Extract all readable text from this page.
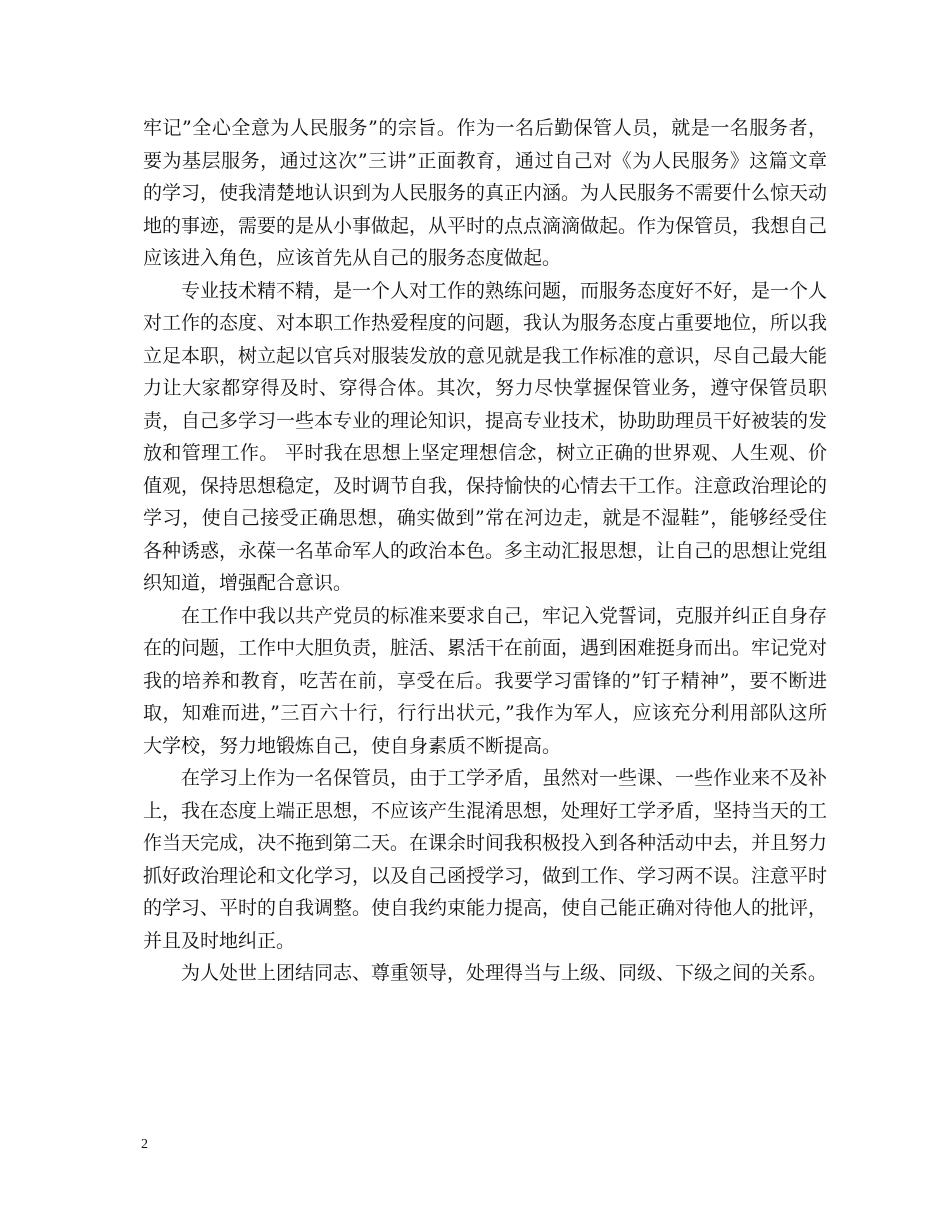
牢记”全心全意为人民服务”的宗旨。作为一名后勤保管人员，就是一名服务者，要为基层服务，通过这次”三讲”正面教育，通过自己对《为人民服务》这篇文章的学习，使我清楚地认识到为人民服务的真正内涵。为人民服务不需要什么惊天动地的事迹，需要的是从小事做起，从平时的点点滴滴做起。作为保管员，我想自己应该进入角色，应该首先从自己的服务态度做起。

专业技术精不精，是一个人对工作的熟练问题，而服务态度好不好，是一个人对工作的态度、对本职工作热爱程度的问题，我认为服务态度占重要地位，所以我立足本职，树立起以官兵对服装发放的意见就是我工作标准的意识，尽自己最大能力让大家都穿得及时、穿得合体。其次，努力尽快掌握保管业务，遵守保管员职责，自己多学习一些本专业的理论知识，提高专业技术，协助助理员干好被装的发放和管理工作。 平时我在思想上坚定理想信念，树立正确的世界观、人生观、价值观，保持思想稳定，及时调节自我，保持愉快的心情去干工作。注意政治理论的学习，使自己接受正确思想，确实做到”常在河边走，就是不湿鞋”，能够经受住各种诱惑，永葆一名革命军人的政治本色。多主动汇报思想，让自己的思想让党组织知道，增强配合意识。

在工作中我以共产党员的标准来要求自己，牢记入党誓词，克服并纠正自身存在的问题，工作中大胆负责，脏活、累活干在前面，遇到困难挺身而出。牢记党对我的培养和教育，吃苦在前，享受在后。我要学习雷锋的”钉子精神”，要不断进取，知难而进，”三百六十行，行行出状元，”我作为军人，应该充分利用部队这所大学校，努力地锻炼自己，使自身素质不断提高。

在学习上作为一名保管员，由于工学矛盾，虽然对一些课、一些作业来不及补上，我在态度上端正思想，不应该产生混淆思想，处理好工学矛盾，坚持当天的工作当天完成，决不拖到第二天。在课余时间我积极投入到各种活动中去，并且努力抓好政治理论和文化学习，以及自己函授学习，做到工作、学习两不误。注意平时的学习、平时的自我调整。使自我约束能力提高，使自己能正确对待他人的批评，并且及时地纠正。

为人处世上团结同志、尊重领导，处理得当与上级、同级、下级之间的关系。

2
